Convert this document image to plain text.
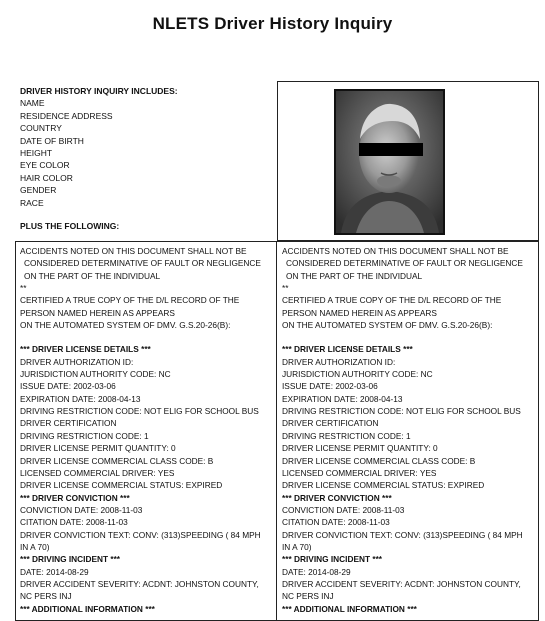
NLETS Driver History Inquiry
DRIVER HISTORY INQUIRY INCLUDES:
NAME
RESIDENCE ADDRESS
COUNTRY
DATE OF BIRTH
HEIGHT
EYE COLOR
HAIR COLOR
GENDER
RACE
PLUS THE FOLLOWING:
ACCIDENTS NOTED ON THIS DOCUMENT SHALL NOT BE
CONSIDERED DETERMINATIVE OF FAULT OR NEGLIGENCE
ON THE PART OF THE INDIVIDUAL
**
CERTIFIED A TRUE COPY OF THE D/L RECORD OF THE
PERSON NAMED HEREIN AS APPEARS
ON THE AUTOMATED SYSTEM OF DMV. G.S.20-26(B):
*** DRIVER LICENSE DETAILS ***
DRIVER AUTHORIZATION ID:
JURISDICTION AUTHORITY CODE: NC
ISSUE DATE: 2002-03-06
EXPIRATION DATE: 2008-04-13
DRIVING RESTRICTION CODE: NOT ELIG FOR SCHOOL BUS
DRIVER CERTIFICATION
DRIVING RESTRICTION CODE: 1
DRIVER LICENSE PERMIT QUANTITY: 0
DRIVER LICENSE COMMERCIAL CLASS CODE: B
LICENSED COMMERCIAL DRIVER: YES
DRIVER LICENSE COMMERCIAL STATUS: EXPIRED
*** DRIVER CONVICTION ***
CONVICTION DATE: 2008-11-03
CITATION DATE: 2008-11-03
DRIVER CONVICTION TEXT: CONV: (313)SPEEDING ( 84 MPH
IN A 70)
*** DRIVING INCIDENT ***
DATE: 2014-08-29
DRIVER ACCIDENT SEVERITY: ACDNT: JOHNSTON COUNTY,
NC PERS INJ
*** ADDITIONAL INFORMATION ***
ACCIDENTS NOTED ON THIS DOCUMENT SHALL NOT BE
CONSIDERED DETERMINATIVE OF FAULT OR NEGLIGENCE
ON THE PART OF THE INDIVIDUAL
**
CERTIFIED A TRUE COPY OF THE D/L RECORD OF THE
PERSON NAMED HEREIN AS APPEARS
ON THE AUTOMATED SYSTEM OF DMV. G.S.20-26(B):
*** DRIVER LICENSE DETAILS ***
DRIVER AUTHORIZATION ID:
JURISDICTION AUTHORITY CODE: NC
ISSUE DATE: 2002-03-06
EXPIRATION DATE: 2008-04-13
DRIVING RESTRICTION CODE: NOT ELIG FOR SCHOOL BUS
DRIVER CERTIFICATION
DRIVING RESTRICTION CODE: 1
DRIVER LICENSE PERMIT QUANTITY: 0
DRIVER LICENSE COMMERCIAL CLASS CODE: B
LICENSED COMMERCIAL DRIVER: YES
DRIVER LICENSE COMMERCIAL STATUS: EXPIRED
*** DRIVER CONVICTION ***
CONVICTION DATE: 2008-11-03
CITATION DATE: 2008-11-03
DRIVER CONVICTION TEXT: CONV: (313)SPEEDING ( 84 MPH
IN A 70)
*** DRIVING INCIDENT ***
DATE: 2014-08-29
DRIVER ACCIDENT SEVERITY: ACDNT: JOHNSTON COUNTY,
NC PERS INJ
*** ADDITIONAL INFORMATION ***
